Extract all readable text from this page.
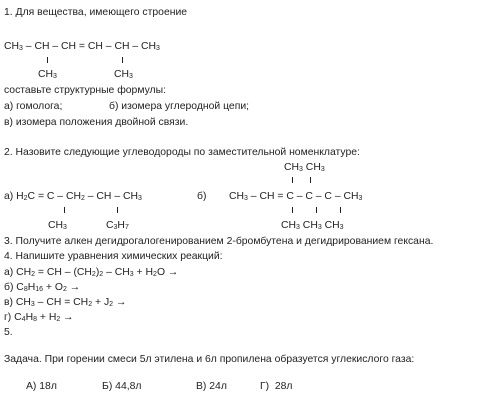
1. Для вещества, имеющего строение
$CH_3$ – CH – CH = CH – CH – $CH_3$
$CH_3$	$CH_3$
составьте структурные формулы:
а) гомолога;	б) изомера углеродной цепи;
в) изомера положения двойной связи.
2. Назовите следующие углеводороды по заместительной номенклатуре:
$CH_3$ $CH_3$
а) $H_2C = C - CH_2$ – CH – $CH_3$	б) $CH_3$ – CH = C – C – C – $CH_3$
$CH_3$	$C_3H_7$	$CH_3$ $CH_3$ $CH_3$
3. Получите алкен дегидрогалогенированием 2-бромбутена и дегидрированием гексана.
4. Напишите уравнения химических реакций:
а) $CH_2$ = CH – $(CH_2)_2 - CH_3 + H_2O$ →
б) $C_8H_{16} + O_2$ →
в) $CH_3$ – CH = $CH_2 + J_2$ →
г) $C_4H_8 + H_2$ →
5.
Задача. При горении смеси 5л этилена и 6л пропилена образуется углекислого газа:
А) 18л	Б) 44,8л	В) 24л	Г)  28л
